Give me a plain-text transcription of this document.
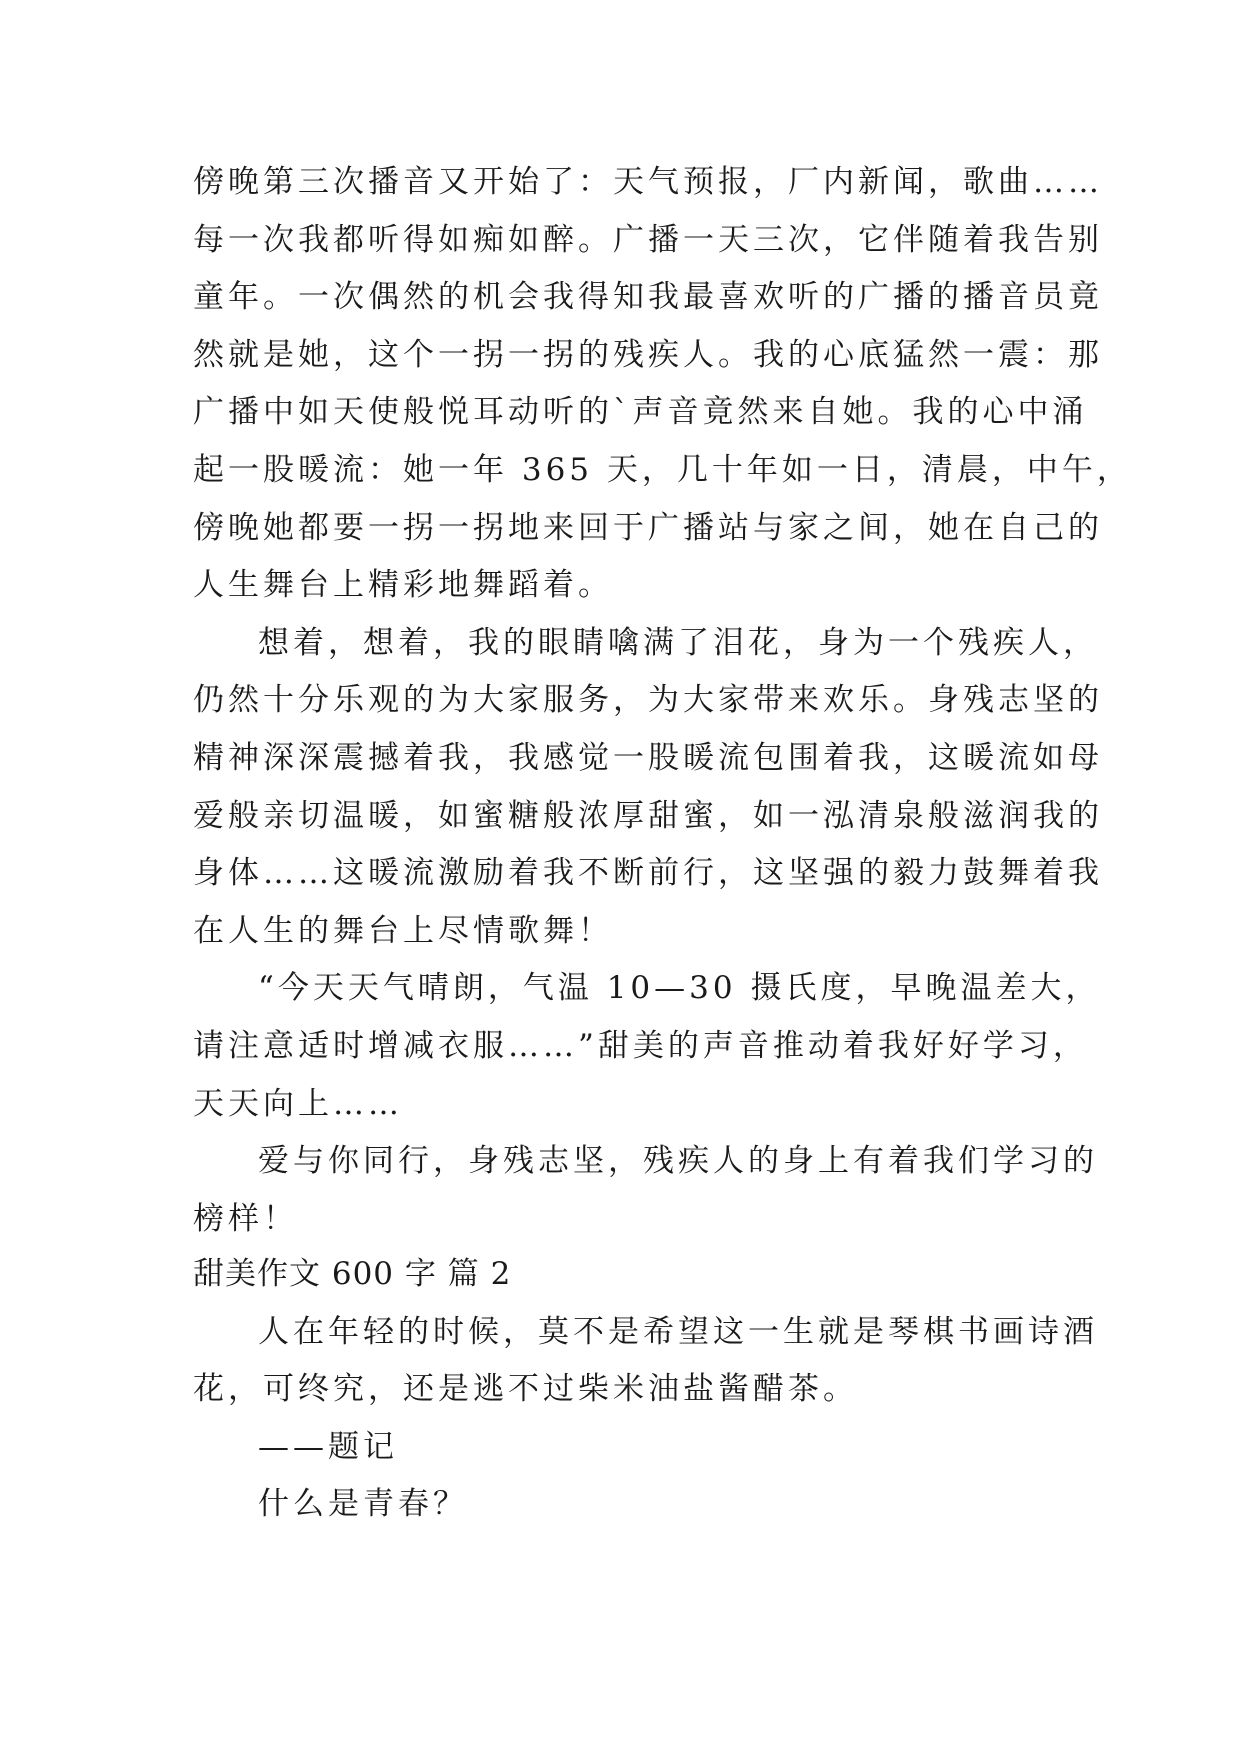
傍晚第三次播音又开始了：天气预报，厂内新闻，歌曲……
每一次我都听得如痴如醉。广播一天三次，它伴随着我告别
童年。一次偶然的机会我得知我最喜欢听的广播的播音员竟
然就是她，这个一拐一拐的残疾人。我的心底猛然一震：那
广播中如天使般悦耳动听的`声音竟然来自她。我的心中涌
起一股暖流：她一年 365 天，几十年如一日，清晨，中午，
傍晚她都要一拐一拐地来回于广播站与家之间，她在自己的
人生舞台上精彩地舞蹈着。
想着，想着，我的眼睛噙满了泪花，身为一个残疾人，
仍然十分乐观的为大家服务，为大家带来欢乐。身残志坚的
精神深深震撼着我，我感觉一股暖流包围着我，这暖流如母
爱般亲切温暖，如蜜糖般浓厚甜蜜，如一泓清泉般滋润我的
身体……这暖流激励着我不断前行，这坚强的毅力鼓舞着我
在人生的舞台上尽情歌舞！
“今天天气晴朗，气温 10—30 摄氏度，早晚温差大，
请注意适时增减衣服……”甜美的声音推动着我好好学习，
天天向上……
爱与你同行，身残志坚，残疾人的身上有着我们学习的
榜样！
甜美作文 600 字 篇 2
人在年轻的时候，莫不是希望这一生就是琴棋书画诗酒
花，可终究，还是逃不过柴米油盐酱醋茶。
——题记
什么是青春？
